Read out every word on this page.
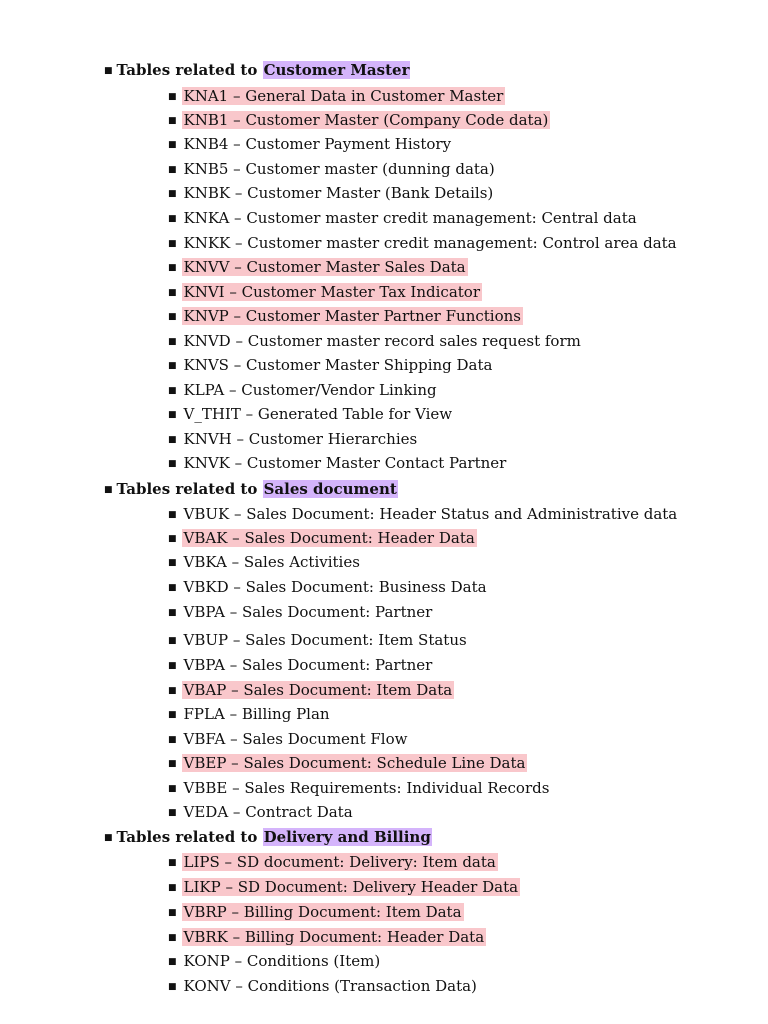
■ Tables related to Customer Master
■ KNA1 – General Data in Customer Master
■ KNB1 – Customer Master (Company Code data)
■ KNB4 – Customer Payment History
■ KNB5 – Customer master (dunning data)
■ KNBK – Customer Master (Bank Details)
■ KNKA – Customer master credit management: Central data
■ KNKK – Customer master credit management: Control area data
■ KNVV – Customer Master Sales Data
■ KNVI – Customer Master Tax Indicator
■ KNVP – Customer Master Partner Functions
■ KNVD – Customer master record sales request form
■ KNVS – Customer Master Shipping Data
■ KLPA – Customer/Vendor Linking
■ V_THIT – Generated Table for View
■ KNVH – Customer Hierarchies
■ KNVK – Customer Master Contact Partner
■ Tables related to Sales document
■ VBUK – Sales Document: Header Status and Administrative data
■ VBAK – Sales Document: Header Data
■ VBKA – Sales Activities
■ VBKD – Sales Document: Business Data
■ VBPA – Sales Document: Partner
■ VBUP – Sales Document: Item Status
■ VBPA – Sales Document: Partner
■ VBAP – Sales Document: Item Data
■ FPLA – Billing Plan
■ VBFA – Sales Document Flow
■ VBEP – Sales Document: Schedule Line Data
■ VBBE – Sales Requirements: Individual Records
■ VEDA – Contract Data
■ Tables related to Delivery and Billing
■ LIPS – SD document: Delivery: Item data
■ LIKP – SD Document: Delivery Header Data
■ VBRP – Billing Document: Item Data
■ VBRK – Billing Document: Header Data
■ KONP – Conditions (Item)
■ KONV – Conditions (Transaction Data)
